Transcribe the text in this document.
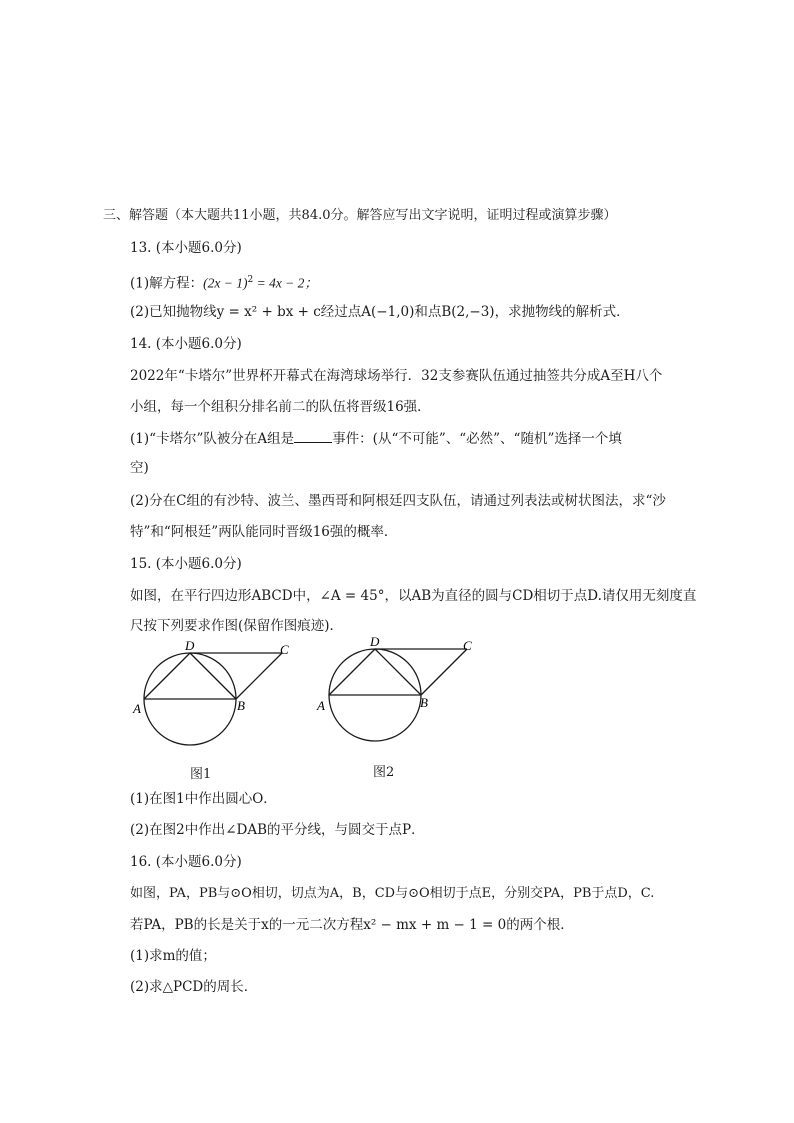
三、解答题（本大题共11小题，共84.0分。解答应写出文字说明，证明过程或演算步骤）
13. (本小题6.0分)
(1)解方程：$(2x - 1)^2 = 4x - 2$；
(2)已知抛物线y = x² + bx + c经过点A(−1,0)和点B(2,−3)，求抛物线的解析式．
14. (本小题6.0分)
2022年“卡塔尔”世界杯开幕式在海湾球场举行．32支参赛队伍通过抽签共分成A至H八个
小组，每一个组积分排名前二的队伍将晋级16强．
(1)“卡塔尔”队被分在A组是	事件：(从“不可能”、“必然”、“随机”选择一个填
空)
(2)分在C组的有沙特、波兰、墨西哥和阿根廷四支队伍，请通过列表法或树状图法，求“沙
特”和“阿根廷”两队能同时晋级16强的概率．
15. (本小题6.0分)
如图，在平行四边形ABCD中，∠A = 45°，以AB为直径的圆与CD相切于点D.请仅用无刻度直
尺按下列要求作图(保留作图痕迹)．
A	B
D	C
图1
A	B
D	C
图2
(1)在图1中作出圆心O．
(2)在图2中作出∠DAB的平分线，与圆交于点P．
16. (本小题6.0分)
如图，PA，PB与⊙O相切，切点为A，B，CD与⊙O相切于点E，分别交PA，PB于点D，C.
若PA，PB的长是关于x的一元二次方程x² − mx + m − 1 = 0的两个根．
(1)求m的值；
(2)求△PCD的周长．
